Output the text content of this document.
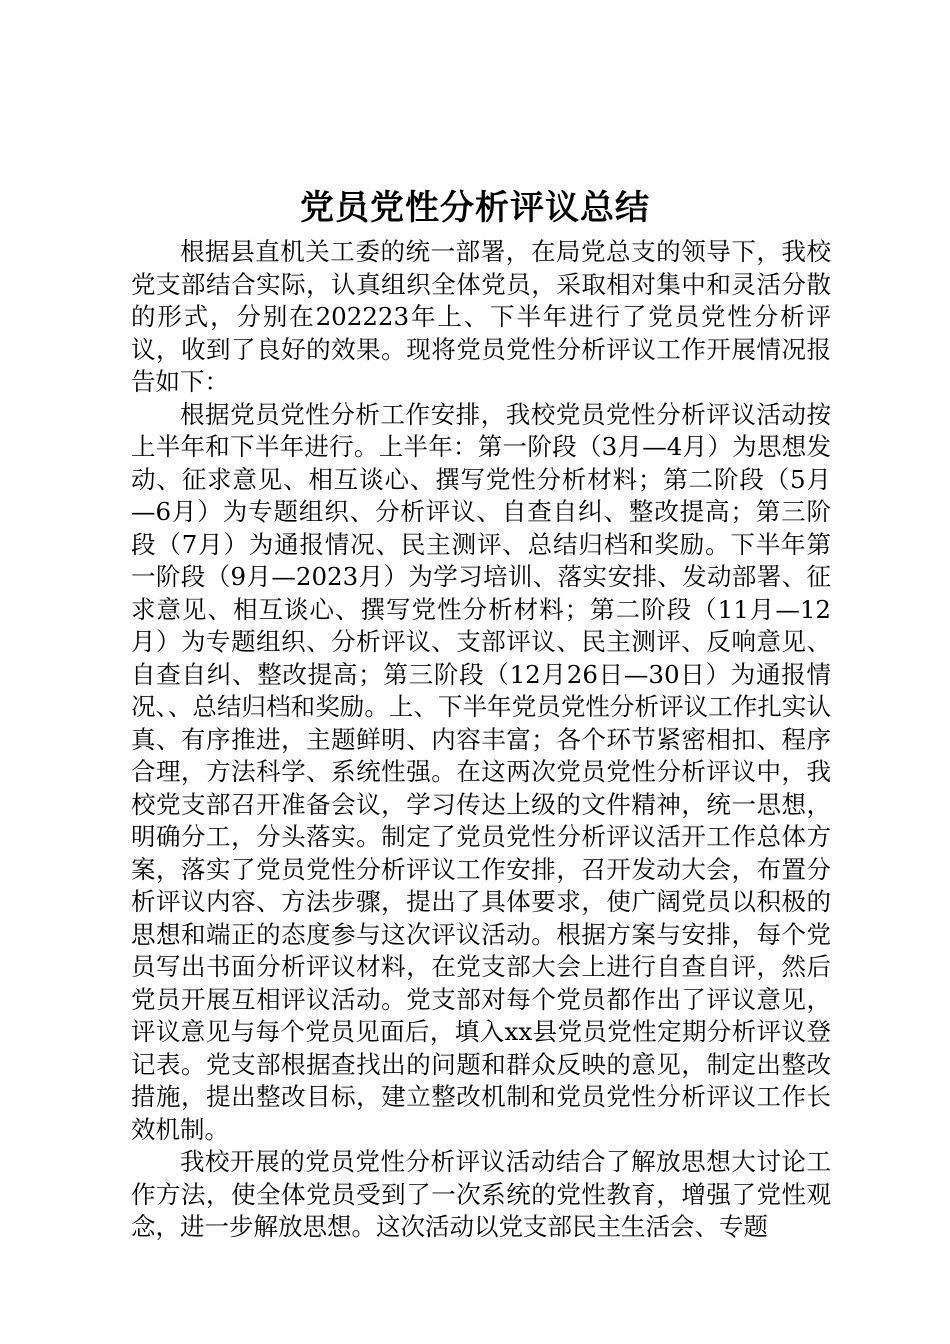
党员党性分析评议总结

根据县直机关工委的统一部署，在局党总支的领导下，我校党支部结合实际，认真组织全体党员，采取相对集中和灵活分散的形式，分别在202223年上、下半年进行了党员党性分析评议，收到了良好的效果。现将党员党性分析评议工作开展情况报告如下：

根据党员党性分析工作安排，我校党员党性分析评议活动按上半年和下半年进行。上半年：第一阶段（3月—4月）为思想发动、征求意见、相互谈心、撰写党性分析材料；第二阶段（5月—6月）为专题组织、分析评议、自查自纠、整改提高；第三阶段（7月）为通报情况、民主测评、总结归档和奖励。下半年第一阶段（9月—2023月）为学习培训、落实安排、发动部署、征求意见、相互谈心、撰写党性分析材料；第二阶段（11月—12月）为专题组织、分析评议、支部评议、民主测评、反响意见、自查自纠、整改提高；第三阶段（12月26日—30日）为通报情况、、总结归档和奖励。上、下半年党员党性分析评议工作扎实认真、有序推进，主题鲜明、内容丰富；各个环节紧密相扣、程序合理，方法科学、系统性强。在这两次党员党性分析评议中，我校党支部召开准备会议，学习传达上级的文件精神，统一思想，明确分工，分头落实。制定了党员党性分析评议活开工作总体方案，落实了党员党性分析评议工作安排，召开发动大会，布置分析评议内容、方法步骤，提出了具体要求，使广阔党员以积极的思想和端正的态度参与这次评议活动。根据方案与安排，每个党员写出书面分析评议材料，在党支部大会上进行自查自评，然后党员开展互相评议活动。党支部对每个党员都作出了评议意见，评议意见与每个党员见面后，填入xx县党员党性定期分析评议登记表。党支部根据查找出的问题和群众反映的意见，制定出整改措施，提出整改目标，建立整改机制和党员党性分析评议工作长效机制。

我校开展的党员党性分析评议活动结合了解放思想大讨论工作方法，使全体党员受到了一次系统的党性教育，增强了党性观念，进一步解放思想。这次活动以党支部民主生活会、专题
